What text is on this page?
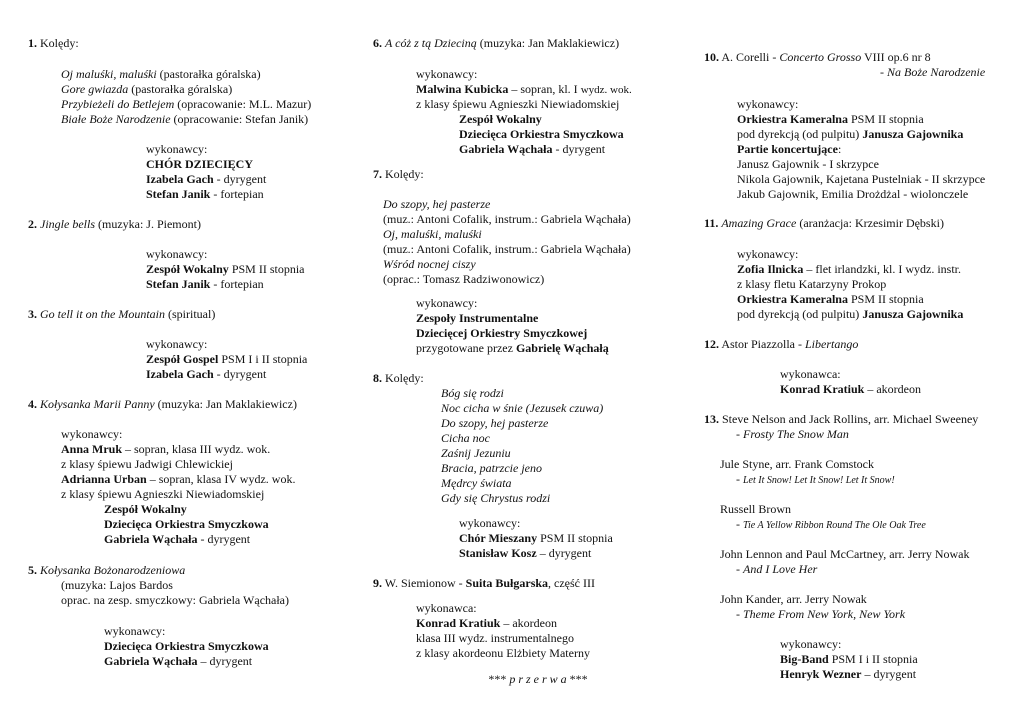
1. Kolędy:
Oj maluśki, maluśki (pastorałka góralska)
Gore gwiazda (pastorałka góralska)
Przybieżeli do Betlejem (opracowanie: M.L. Mazur)
Białe Boże Narodzenie (opracowanie: Stefan Janik)
wykonawcy:
CHÓR DZIECIĘCY
Izabela Gach - dyrygent
Stefan Janik - fortepian
2. Jingle bells (muzyka: J. Piemont)
wykonawcy:
Zespół Wokalny PSM II stopnia
Stefan Janik - fortepian
3. Go tell it on the Mountain (spiritual)
wykonawcy:
Zespół Gospel PSM I i II stopnia
Izabela Gach - dyrygent
4. Kołysanka Marii Panny (muzyka: Jan Maklakiewicz)
wykonawcy:
Anna Mruk – sopran, klasa III wydz. wok.
z klasy śpiewu Jadwigi Chlewickiej
Adrianna Urban – sopran, klasa IV wydz. wok.
z klasy śpiewu Agnieszki Niewiadomskiej
Zespół Wokalny
Dziecięca Orkiestra Smyczkowa
Gabriela Wąchała - dyrygent
5. Kołysanka Bożonarodzeniowa
(muzyka: Lajos Bardos
oprac. na zesp. smyczkowy: Gabriela Wąchała)
wykonawcy:
Dziecięca Orkiestra Smyczkowa
Gabriela Wąchała – dyrygent
6. A cóż z tą Dzieciną (muzyka: Jan Maklakiewicz)
wykonawcy:
Malwina Kubicka – sopran, kl. I wydz. wok.
z klasy śpiewu Agnieszki Niewiadomskiej
Zespół Wokalny
Dziecięca Orkiestra Smyczkowa
Gabriela Wąchała - dyrygent
7. Kolędy:
Do szopy, hej pasterze
(muz.: Antoni Cofalik, instrum.: Gabriela Wąchała)
Oj, maluśki, maluśki
(muz.: Antoni Cofalik, instrum.: Gabriela Wąchała)
Wśród nocnej ciszy
(oprac.: Tomasz Radziwonowicz)
wykonawcy:
Zespoły Instrumentalne
Dziecięcej Orkiestry Smyczkowej
przygotowane przez Gabrielę Wąchałą
8. Kolędy:
Bóg się rodzi
Noc cicha w śnie (Jezusek czuwa)
Do szopy, hej pasterze
Cicha noc
Zaśnij Jezuniu
Bracia, patrzcie jeno
Mędrcy świata
Gdy się Chrystus rodzi
wykonawcy:
Chór Mieszany PSM II stopnia
Stanisław Kosz – dyrygent
9. W. Siemionow - Suita Bułgarska, część III
wykonawca:
Konrad Kratiuk – akordeon
klasa III wydz. instrumentalnego
z klasy akordeonu Elżbiety Materny
*** p r z e r w a ***
10. A. Corelli - Concerto Grosso VIII op.6 nr 8
- Na Boże Narodzenie
wykonawcy:
Orkiestra Kameralna PSM II stopnia
pod dyrekcją (od pulpitu) Janusza Gajownika
Partie koncertujące:
Janusz Gajownik - I skrzypce
Nikola Gajownik, Kajetana Pustelniak - II skrzypce
Jakub Gajownik, Emilia Drożdżal - wiolonczele
11. Amazing Grace (aranżacja: Krzesimir Dębski)
wykonawcy:
Zofia Ilnicka – flet irlandzki, kl. I wydz. instr.
z klasy fletu Katarzyny Prokop
Orkiestra Kameralna PSM II stopnia
pod dyrekcją (od pulpitu) Janusza Gajownika
12. Astor Piazzolla - Libertango
wykonawca:
Konrad Kratiuk – akordeon
13. Steve Nelson and Jack Rollins, arr. Michael Sweeney
- Frosty The Snow Man
Jule Styne, arr. Frank Comstock
- Let It Snow! Let It Snow! Let It Snow!
Russell Brown
- Tie A Yellow Ribbon Round The Ole Oak Tree
John Lennon and Paul McCartney, arr. Jerry Nowak
- And I Love Her
John Kander, arr. Jerry Nowak
- Theme From New York, New York
wykonawcy:
Big-Band PSM I i II stopnia
Henryk Wezner – dyrygent
